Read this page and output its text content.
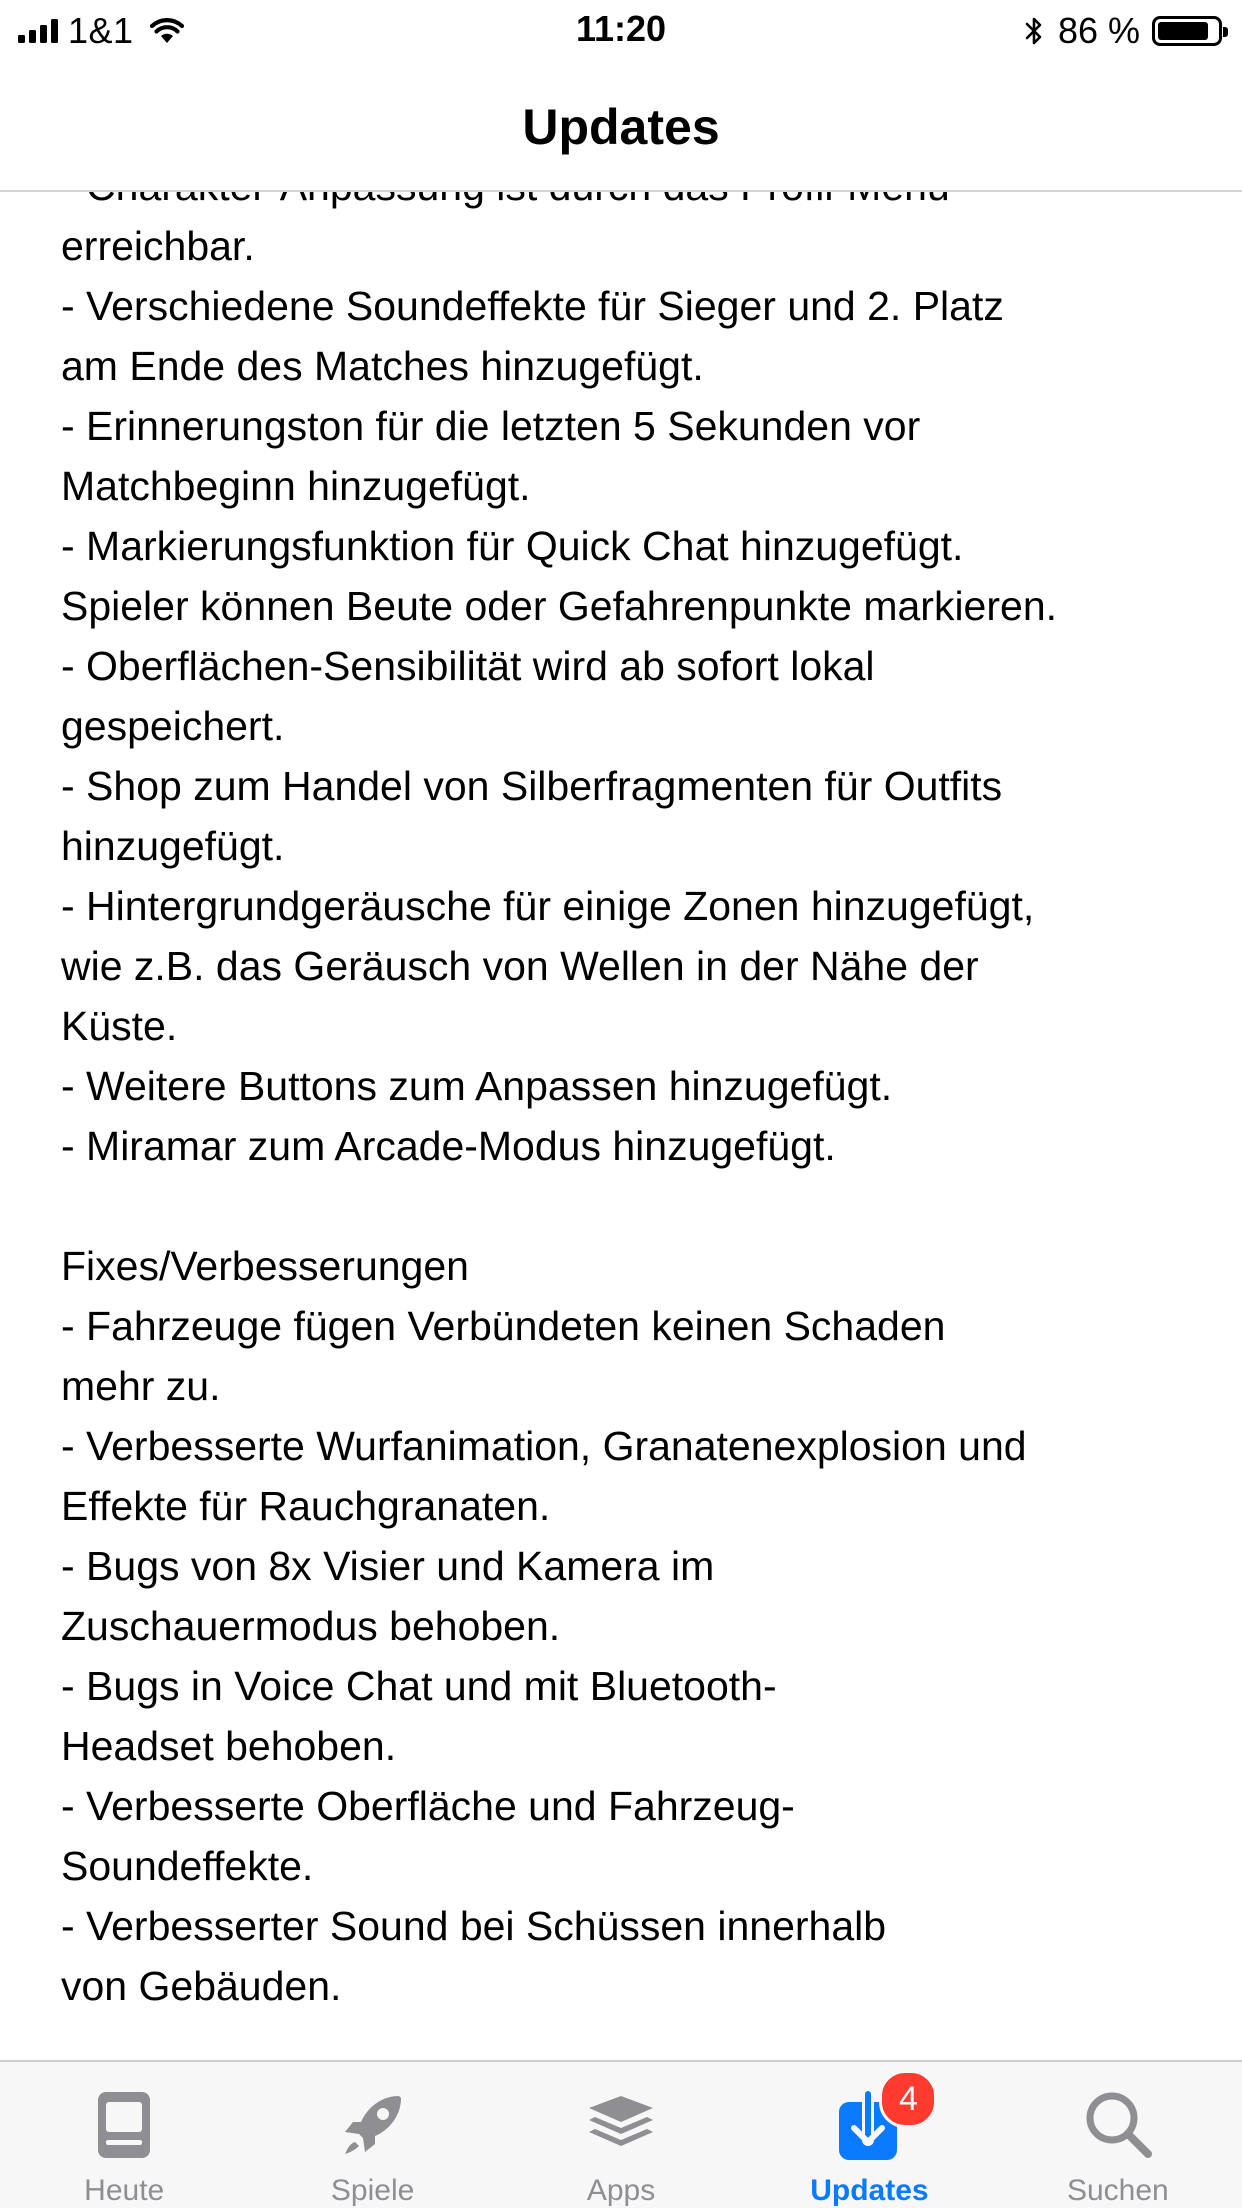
erreichbar.
- Verschiedene Soundeffekte für Sieger und 2. Platz
am Ende des Matches hinzugefügt.
- Erinnerungston für die letzten 5 Sekunden vor
Matchbeginn hinzugefügt.
- Markierungsfunktion für Quick Chat hinzugefügt.
Spieler können Beute oder Gefahrenpunkte markieren.
- Oberflächen-Sensibilität wird ab sofort lokal
gespeichert.
- Shop zum Handel von Silberfragmenten für Outfits
hinzugefügt.
- Hintergrundgeräusche für einige Zonen hinzugefügt,
wie z.B. das Geräusch von Wellen in der Nähe der
Küste.
- Weitere Buttons zum Anpassen hinzugefügt.
- Miramar zum Arcade-Modus hinzugefügt.
Fixes/Verbesserungen
- Fahrzeuge fügen Verbündeten keinen Schaden
mehr zu.
- Verbesserte Wurfanimation, Granatenexplosion und
Effekte für Rauchgranaten.
- Bugs von 8x Visier und Kamera im
Zuschauermodus behoben.
- Bugs in Voice Chat und mit Bluetooth-
Headset behoben.
- Verbesserte Oberfläche und Fahrzeug-
Soundeffekte.
- Verbesserter Sound bei Schüssen innerhalb
von Gebäuden.
1&1	11:20	86 %
Updates
Heute	Spiele	Apps
4
Updates	Suchen
